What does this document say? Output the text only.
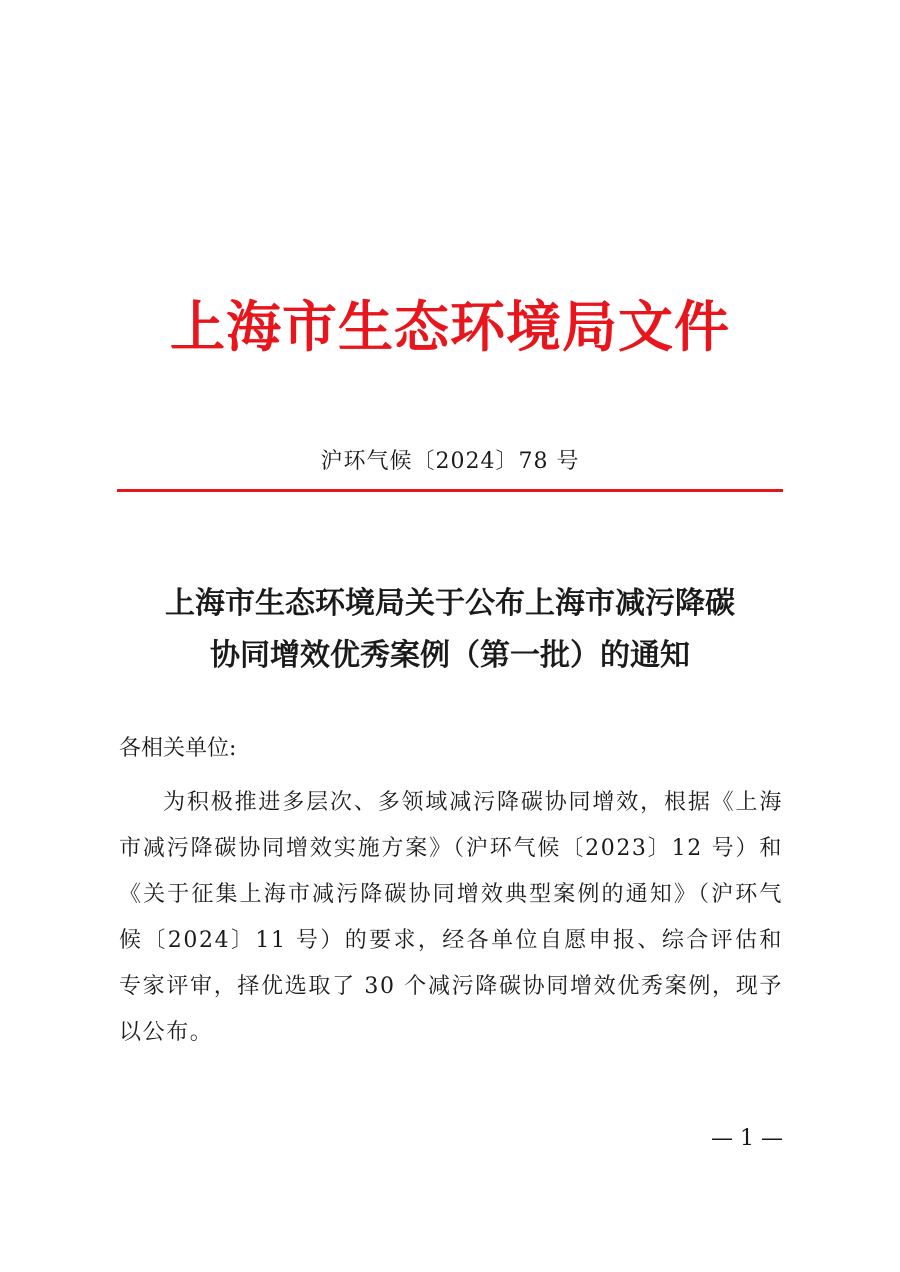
上海市生态环境局文件
沪环气候〔2024〕78 号
上海市生态环境局关于公布上海市减污降碳
协同增效优秀案例（第一批）的通知
各相关单位:

为积极推进多层次、多领域减污降碳协同增效，根据《上海市减污降碳协同增效实施方案》（沪环气候〔2023〕12 号）和《关于征集上海市减污降碳协同增效典型案例的通知》（沪环气候〔2024〕11 号）的要求，经各单位自愿申报、综合评估和专家评审，择优选取了 30 个减污降碳协同增效优秀案例，现予以公布。

— 1 —
